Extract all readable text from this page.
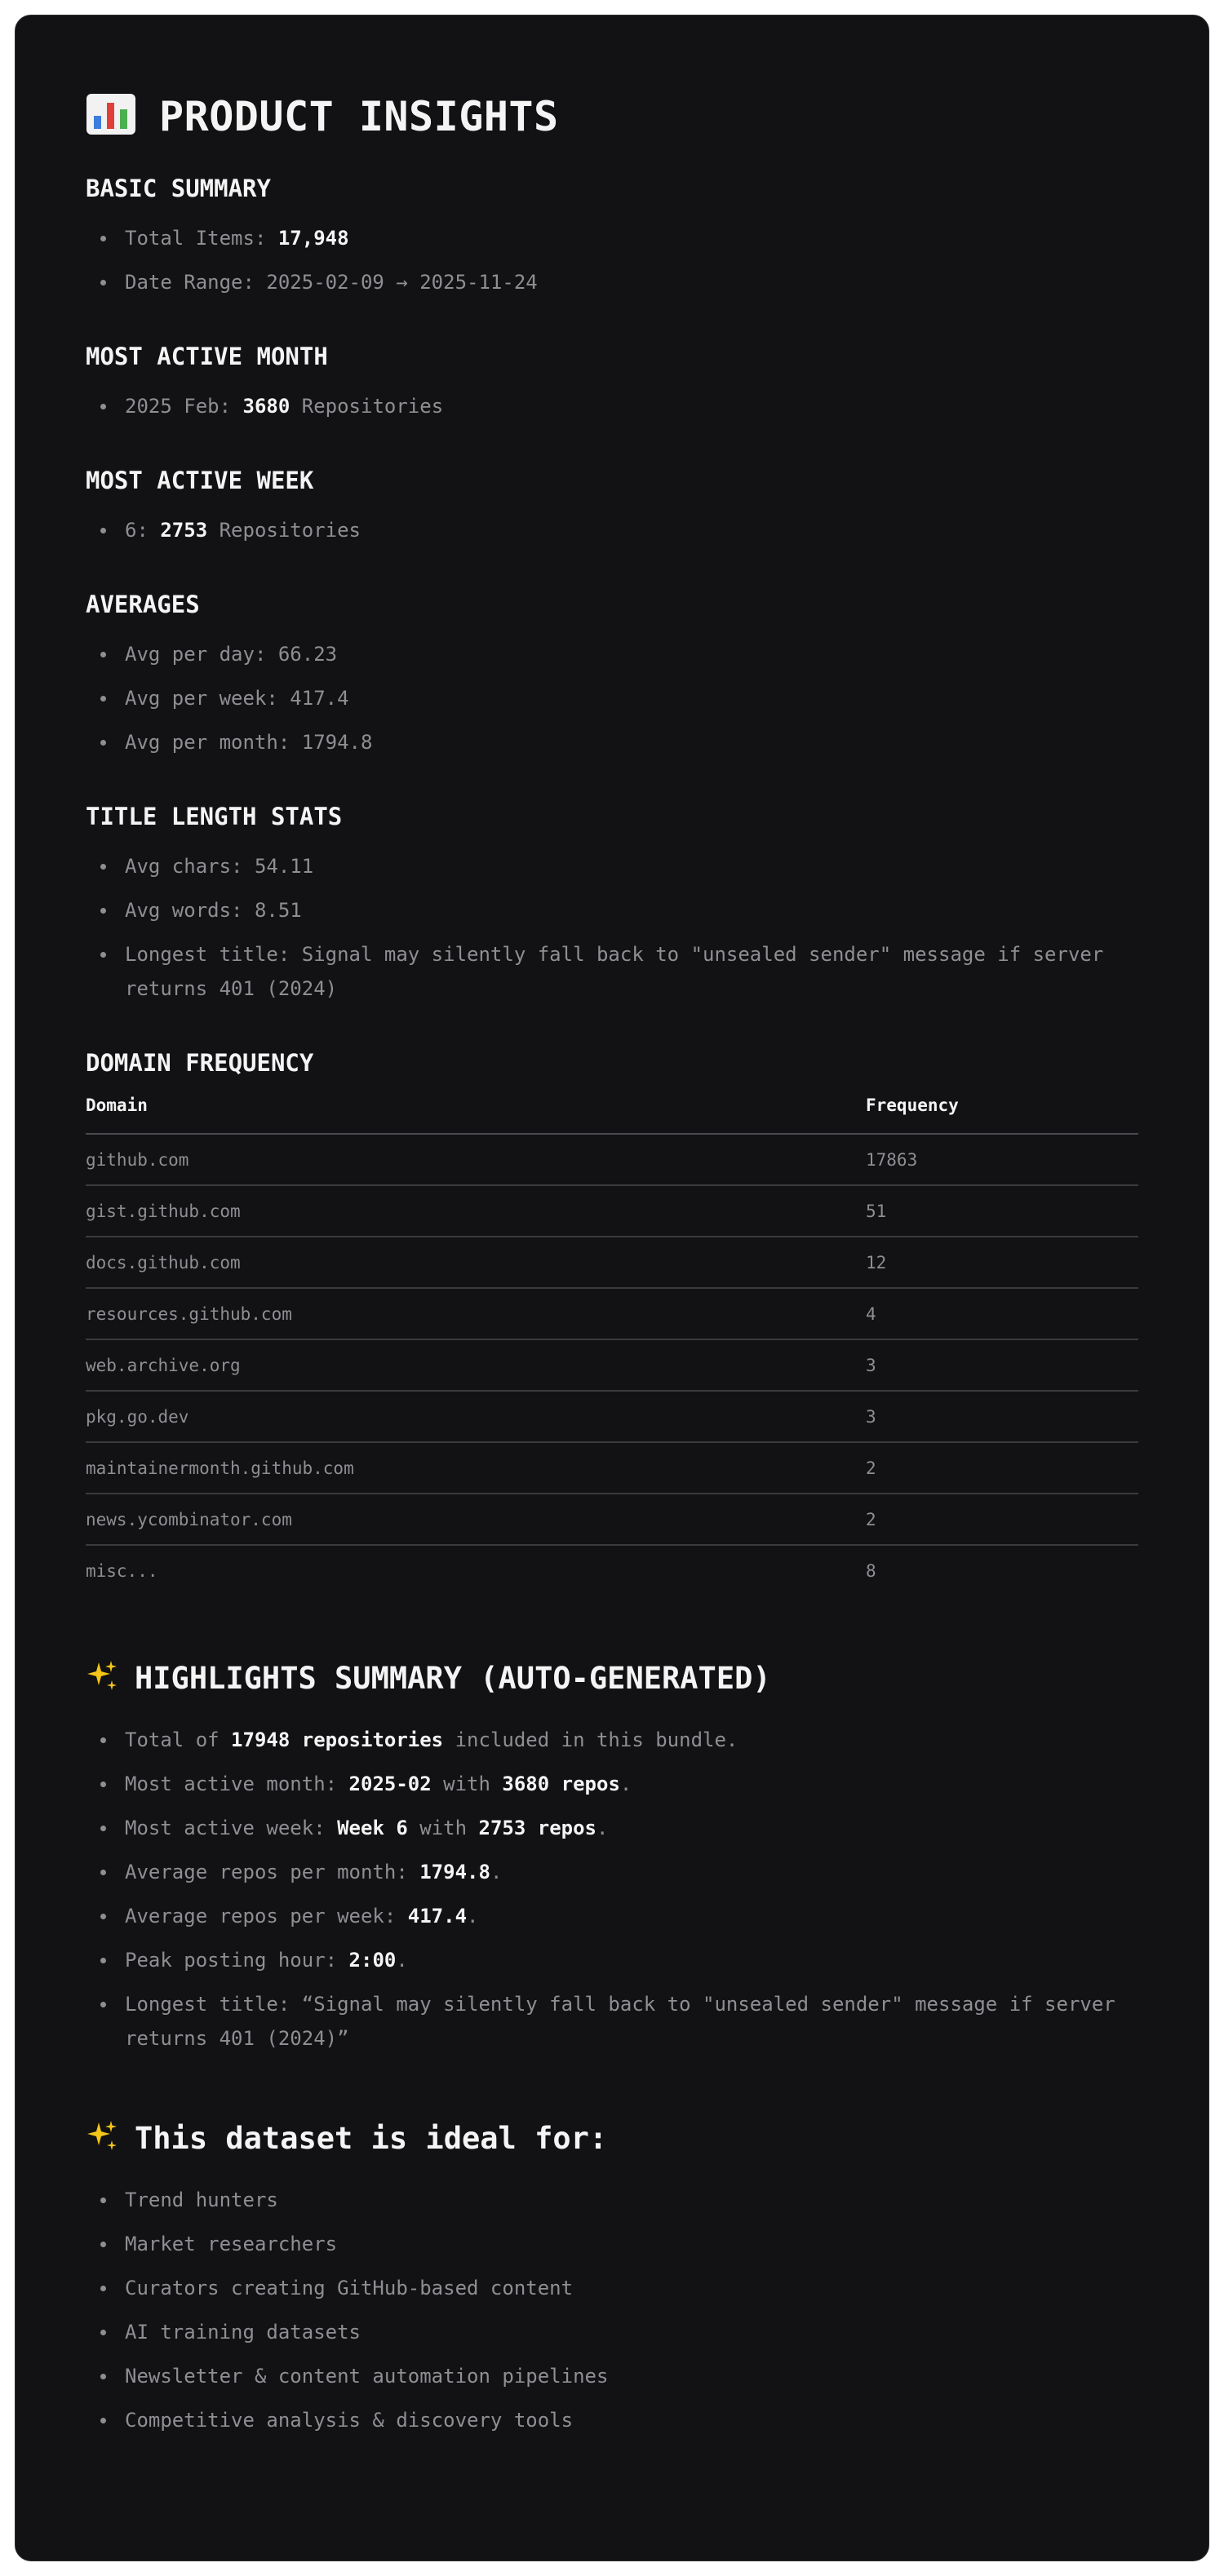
PRODUCT INSIGHTS
BASIC SUMMARY
Total Items: 17,948
Date Range: 2025-02-09 → 2025-11-24
MOST ACTIVE MONTH
2025 Feb: 3680 Repositories
MOST ACTIVE WEEK
6: 2753 Repositories
AVERAGES
Avg per day: 66.23
Avg per week: 417.4
Avg per month: 1794.8
TITLE LENGTH STATS
Avg chars: 54.11
Avg words: 8.51
Longest title: Signal may silently fall back to "unsealed sender" message if server returns 401 (2024)
DOMAIN FREQUENCY
Domain	Frequency
github.com	17863
gist.github.com	51
docs.github.com	12
resources.github.com	4
web.archive.org	3
pkg.go.dev	3
maintainermonth.github.com	2
news.ycombinator.com	2
misc...	8
HIGHLIGHTS SUMMARY (AUTO-GENERATED)
Total of 17948 repositories included in this bundle.
Most active month: 2025-02 with 3680 repos.
Most active week: Week 6 with 2753 repos.
Average repos per month: 1794.8.
Average repos per week: 417.4.
Peak posting hour: 2:00.
Longest title: “Signal may silently fall back to "unsealed sender" message if server returns 401 (2024)”
This dataset is ideal for:
Trend hunters
Market researchers
Curators creating GitHub-based content
AI training datasets
Newsletter & content automation pipelines
Competitive analysis & discovery tools
